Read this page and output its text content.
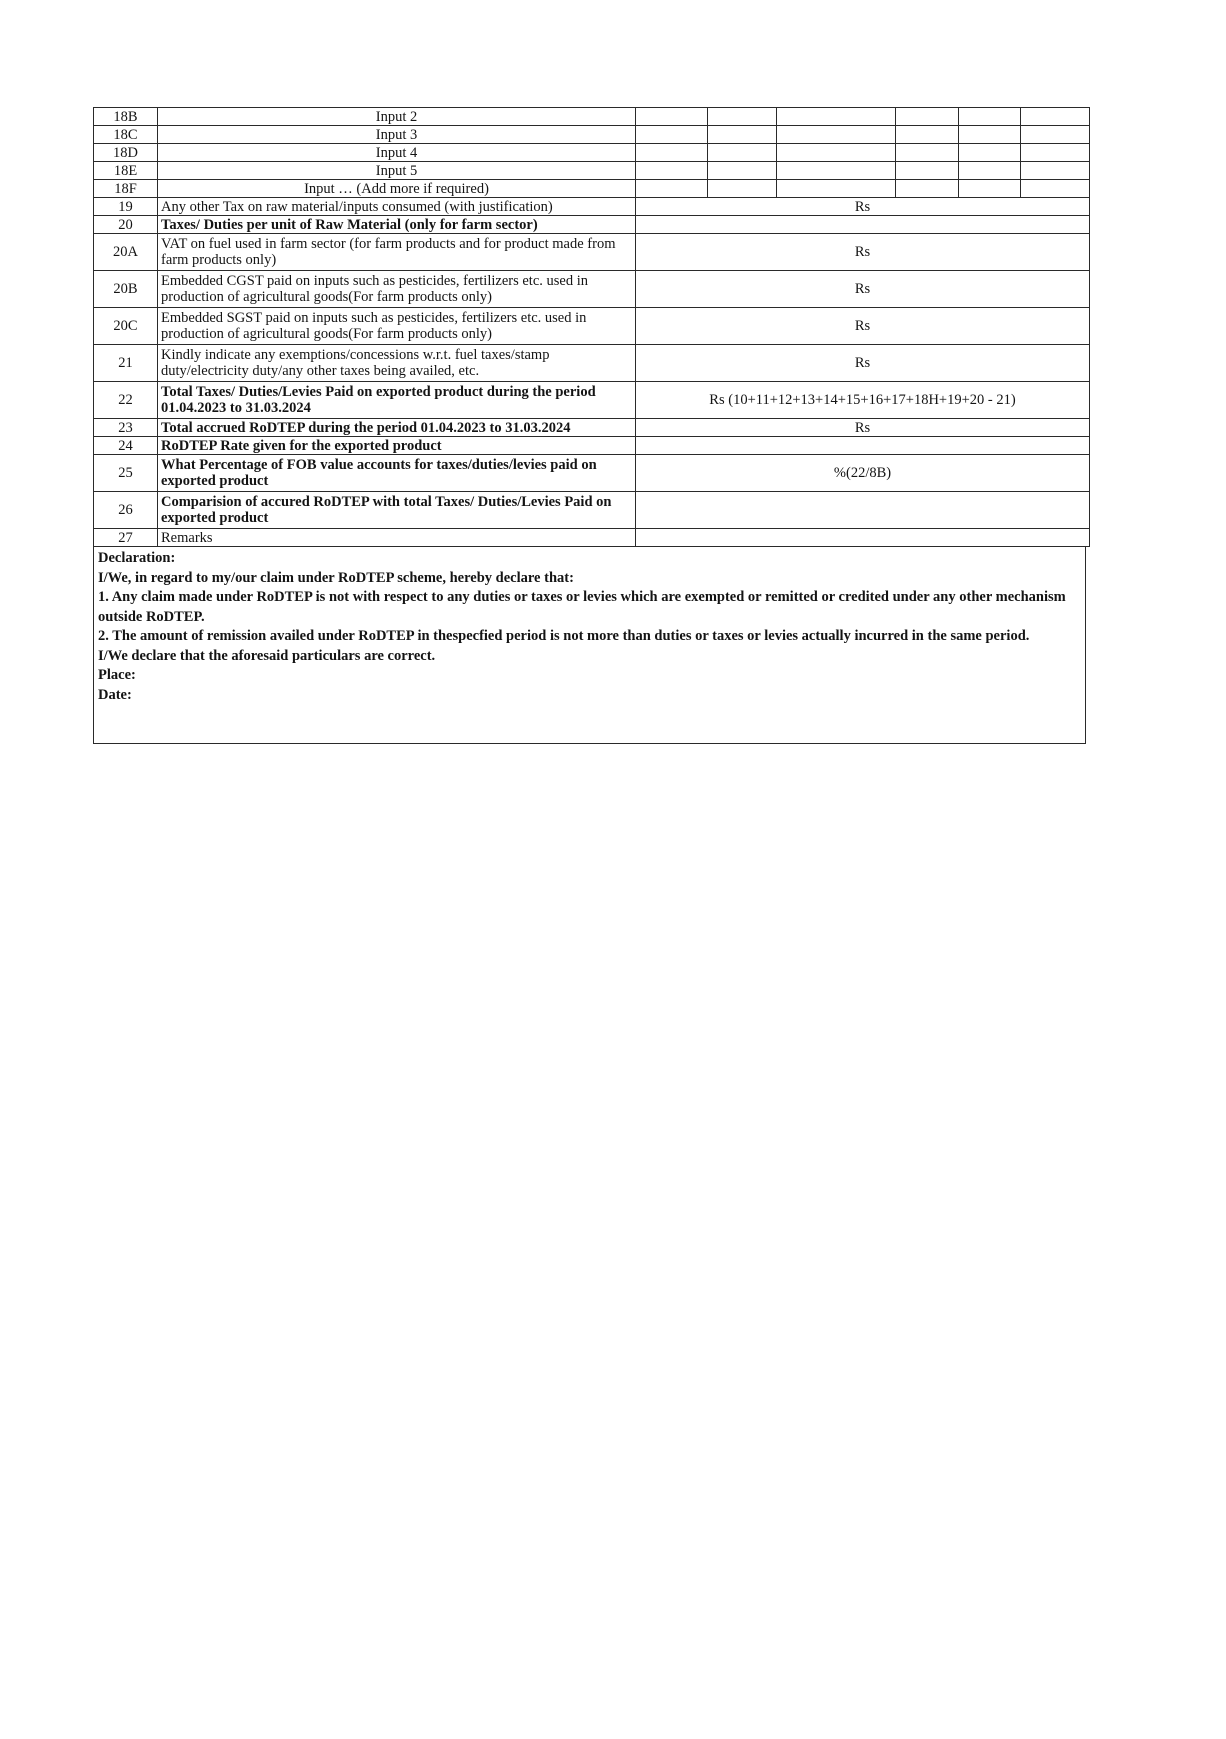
18B	Input 2						
18C	Input 3						
18D	Input 4						
18E	Input 5						
18F	Input … (Add more if required)						
19	Any other Tax on raw material/inputs consumed (with justification)	Rs					
20	Taxes/ Duties per unit of Raw Material (only for farm sector)						
20A	VAT on fuel used in farm sector (for farm products and for product made from farm products only)	Rs					
20B	Embedded CGST paid on inputs such as pesticides, fertilizers etc. used in production of agricultural goods(For farm products only)	Rs					
20C	Embedded SGST paid on inputs such as pesticides, fertilizers etc. used in production of agricultural goods(For farm products only)	Rs					
21	Kindly indicate any exemptions/concessions w.r.t. fuel taxes/stamp duty/electricity duty/any other taxes being availed, etc.	Rs					
22	Total Taxes/ Duties/Levies Paid on exported product during the period 01.04.2023 to 31.03.2024	Rs (10+11+12+13+14+15+16+17+18H+19+20 - 21)					
23	Total accrued RoDTEP during the period 01.04.2023 to 31.03.2024	Rs					
24	RoDTEP Rate given for the exported product						
25	What Percentage of FOB value accounts for taxes/duties/levies paid on exported product	%(22/8B)					
26	Comparision of accured RoDTEP with total Taxes/ Duties/Levies Paid on exported product						
27	Remarks						

Declaration:

I/We, in regard to my/our claim under RoDTEP scheme, hereby declare that:

1. Any claim made under RoDTEP is not with respect to any duties or taxes or levies which are exempted or remitted or credited under any other mechanism outside RoDTEP.

2. The amount of remission availed under RoDTEP in thespecfied period is not more than duties or taxes or levies actually incurred in the same period.

I/We declare that the aforesaid particulars are correct.

Place:

Date:
